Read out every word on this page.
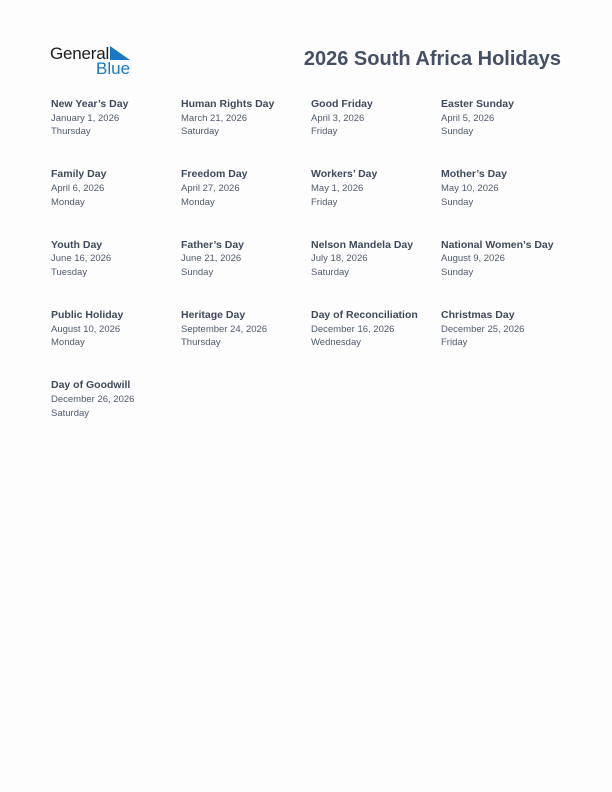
General
Blue	2026 South Africa Holidays
New Year’s Day
January 1, 2026
Thursday
Human Rights Day
March 21, 2026
Saturday
Good Friday
April 3, 2026
Friday
Easter Sunday
April 5, 2026
Sunday
Family Day
April 6, 2026
Monday
Freedom Day
April 27, 2026
Monday
Workers’ Day
May 1, 2026
Friday
Mother’s Day
May 10, 2026
Sunday
Youth Day
June 16, 2026
Tuesday
Father’s Day
June 21, 2026
Sunday
Nelson Mandela Day
July 18, 2026
Saturday
National Women’s Day
August 9, 2026
Sunday
Public Holiday
August 10, 2026
Monday
Heritage Day
September 24, 2026
Thursday
Day of Reconciliation
December 16, 2026
Wednesday
Christmas Day
December 25, 2026
Friday
Day of Goodwill
December 26, 2026
Saturday
